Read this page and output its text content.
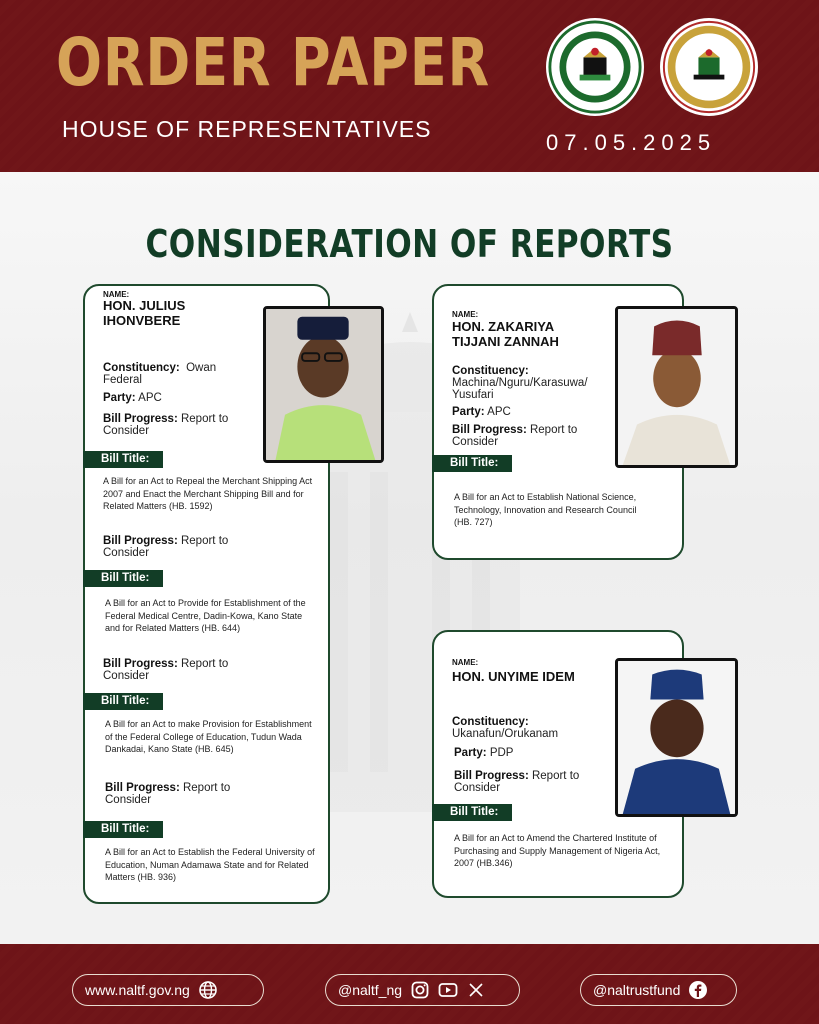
ORDER PAPER
HOUSE OF REPRESENTATIVES
07.05.2025
CONSIDERATION OF REPORTS
NAME:
HON. JULIUS IHONVBERE
Constituency: Owan Federal
Party: APC
Bill Progress: Report to Consider
Bill Title:
A Bill for an Act to Repeal the Merchant Shipping Act 2007 and Enact the Merchant Shipping Bill and for Related Matters (HB. 1592)
Bill Progress: Report to Consider
Bill Title:
A Bill for an Act to Provide for Establishment of the Federal Medical Centre, Dadin-Kowa, Kano State and for Related Matters (HB. 644)
Bill Progress: Report to Consider
Bill Title:
A Bill for an Act to make Provision for Establishment of the Federal College of Education, Tudun Wada Dankadai, Kano State (HB. 645)
Bill Progress: Report to Consider
Bill Title:
A Bill for an Act to Establish the Federal University of Education, Numan Adamawa State and for Related Matters (HB. 936)
NAME:
HON. ZAKARIYA TIJJANI ZANNAH
Constituency:
Machina/Nguru/Karasuwa/Yusufari
Party: APC
Bill Progress: Report to Consider
Bill Title:
A Bill for an Act to Establish National Science, Technology, Innovation and Research Council (HB. 727)
NAME:
HON. UNYIME IDEM
Constituency:
Ukanafun/Orukanam
Party: PDP
Bill Progress: Report to Consider
Bill Title:
A Bill for an Act to Amend the Chartered Institute of Purchasing and Supply Management of Nigeria Act, 2007 (HB.346)
www.naltf.gov.ng	@naltf_ng	@naltrustfund
